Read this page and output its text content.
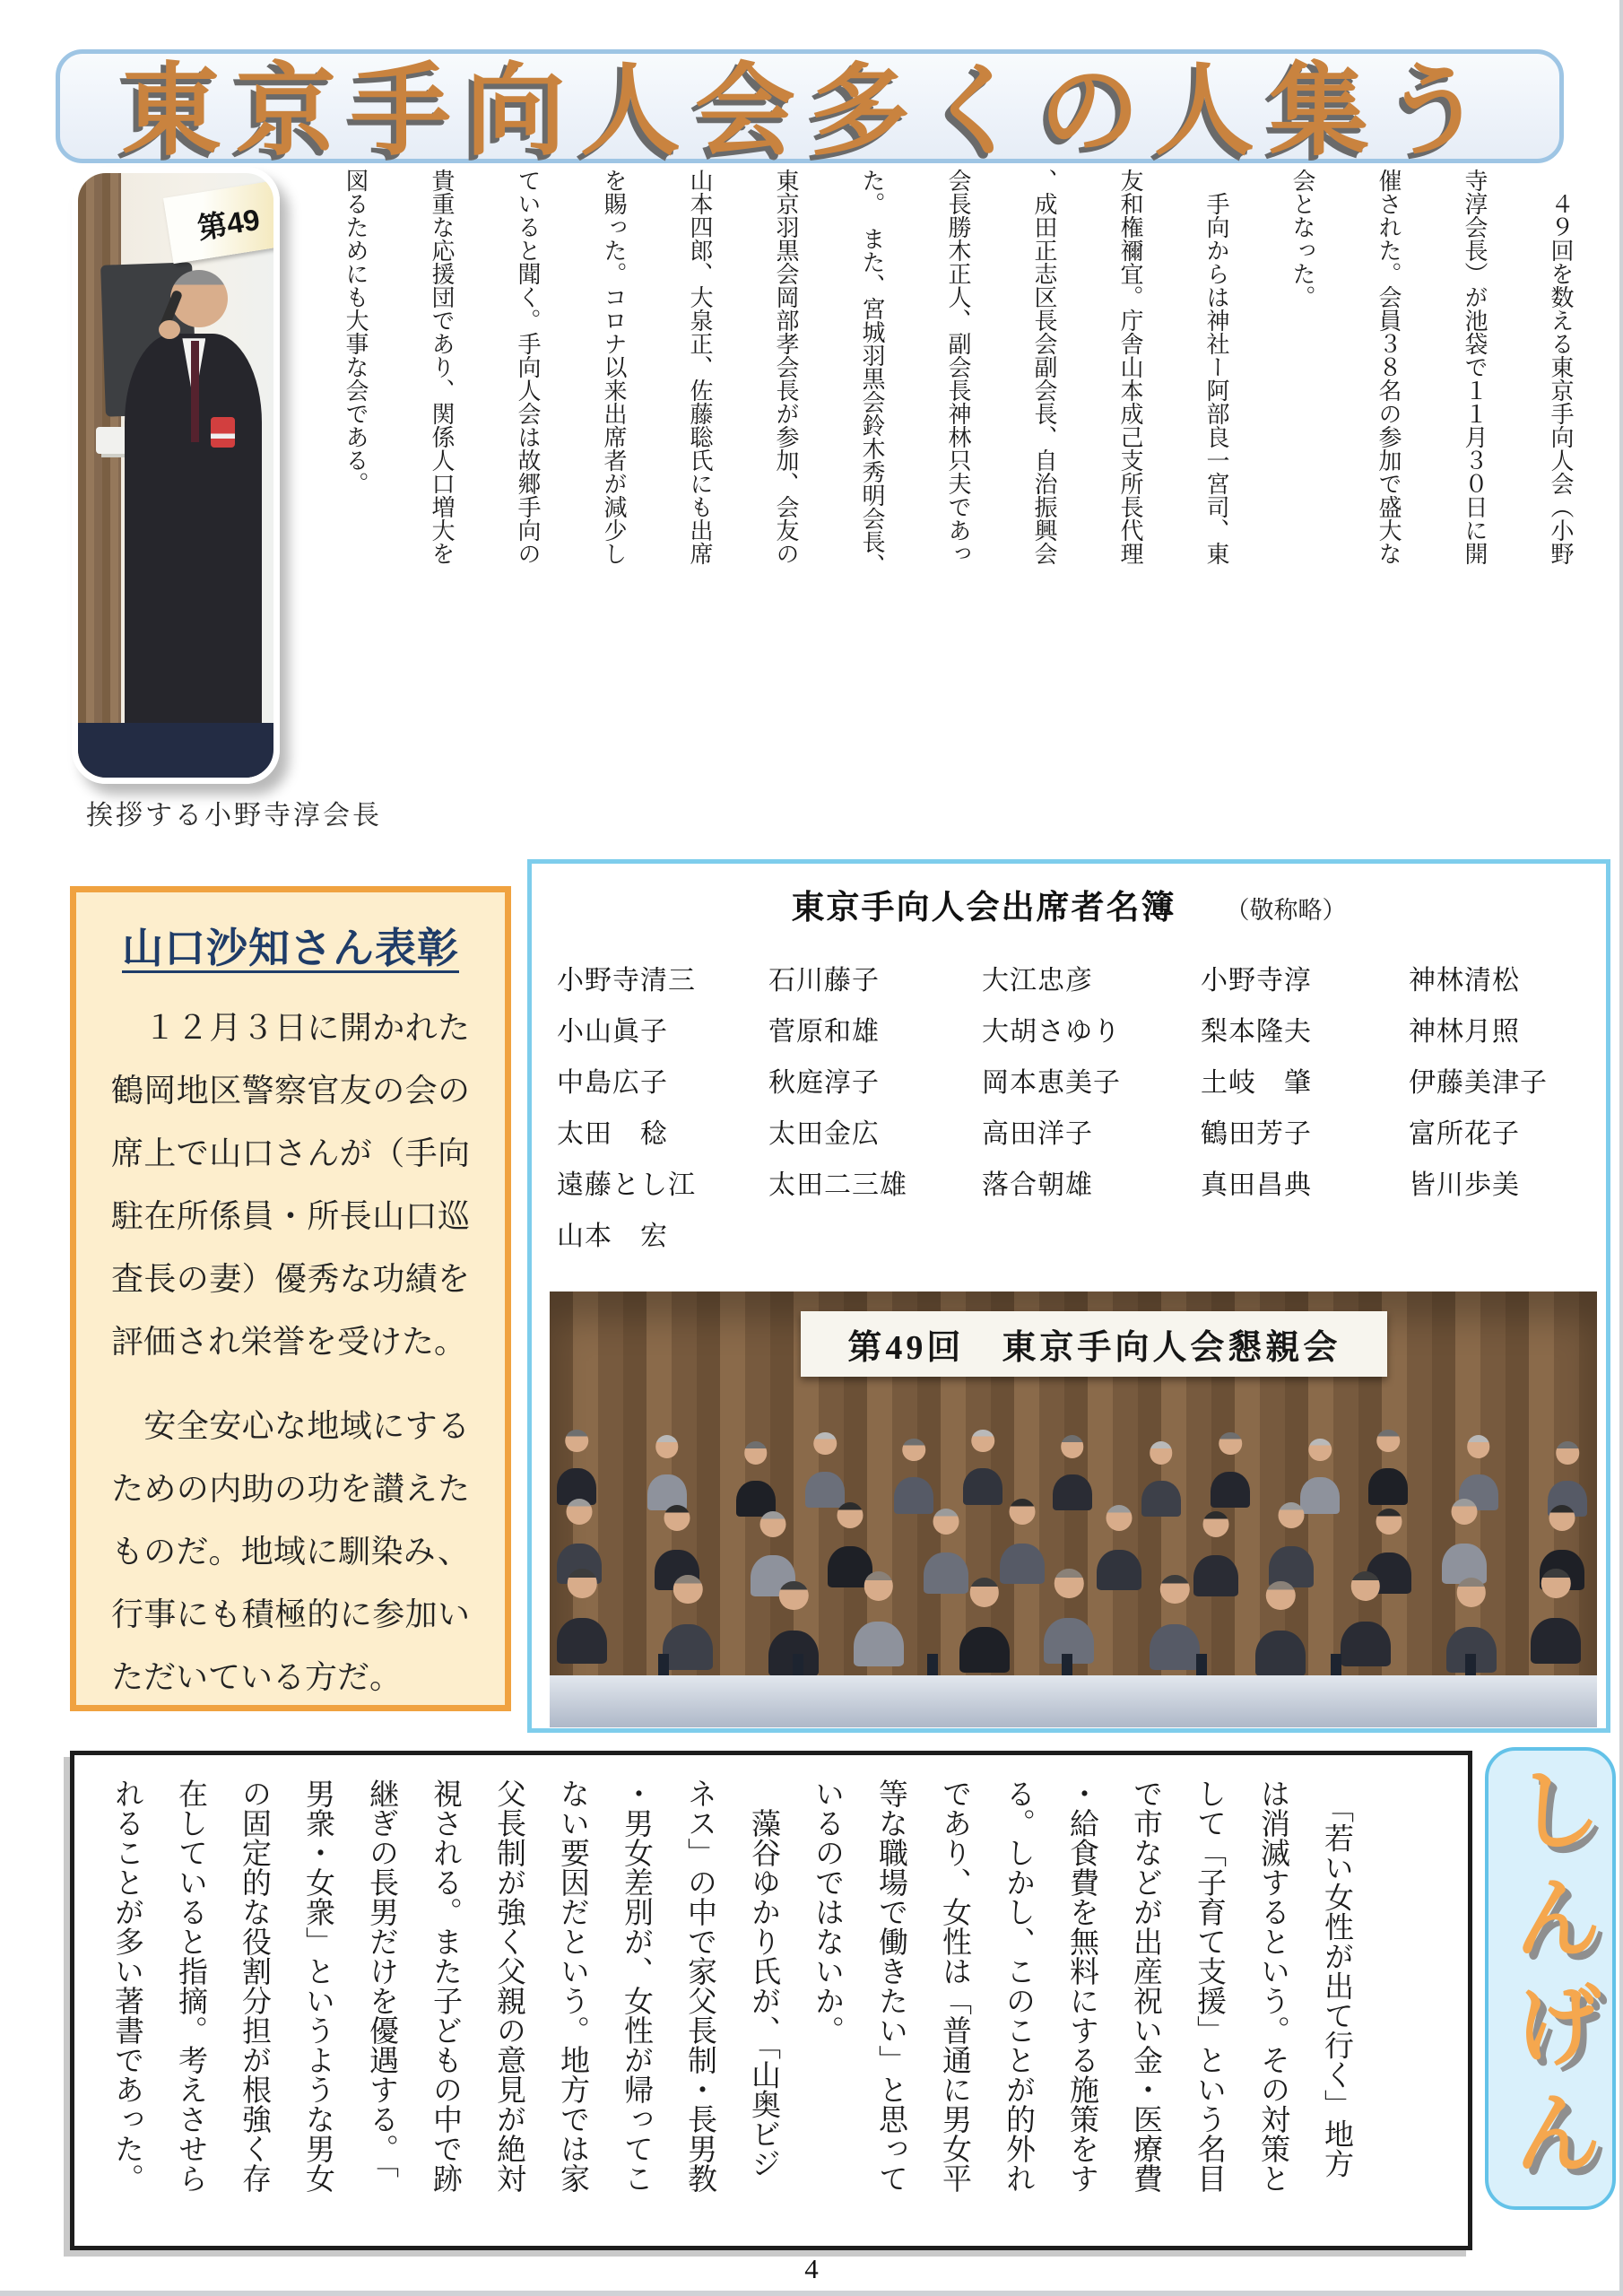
東京手向人会多くの人集う
第49
挨拶する小野寺淳会長

　４９回を数える東京手向人会（小野

寺淳会長）が池袋で１１月３０日に開

催された。会員３８名の参加で盛大な

会となった。

　手向からは神社ー阿部良一宮司、東

友和権禰宜。庁舎山本成己支所長代理

、成田正志区長会副会長、自治振興会

会長勝木正人、副会長神林只夫であっ

た。　また、宮城羽黒会鈴木秀明会長、

東京羽黒会岡部孝会長が参加、会友の

山本四郎、大泉正、佐藤聡氏にも出席

を賜った。コロナ以来出席者が減少し

ていると聞く。手向人会は故郷手向の

貴重な応援団であり、関係人口増大を

図るためにも大事な会である。

山口沙知さん表彰

　１２月３日に開かれた鶴岡地区警察官友の会の席上で山口さんが（手向駐在所係員・所長山口巡査長の妻）優秀な功績を評価され栄誉を受けた。

　安全安心な地域にするための内助の功を讃えたものだ。地域に馴染み、行事にも積極的に参加いただいている方だ。

東京手向人会出席者名簿 （敬称略）
小野寺清三	石川藤子	大江忠彦	小野寺淳	神林清松
小山眞子	菅原和雄	大胡さゆり	梨本隆夫	神林月照
中島広子	秋庭淳子	岡本恵美子	土岐　肇	伊藤美津子
太田　稔	太田金広	高田洋子	鶴田芳子	富所花子
遠藤とし江	太田二三雄	落合朝雄	真田昌典	皆川歩美
山本　宏
第49回　東京手向人会懇親会

　「若い女性が出て行く」地方

は消滅するという。その対策と

して「子育て支援」という名目

で市などが出産祝い金・医療費

・給食費を無料にする施策をす

る。しかし、このことが的外れ

であり、女性は「普通に男女平

等な職場で働きたい」と思って

いるのではないか。

　藻谷ゆかり氏が、「山奥ビジ

ネス」の中で家父長制・長男教

・男女差別が、女性が帰ってこ

ない要因だという。地方では家

父長制が強く父親の意見が絶対

視される。また子どもの中で跡

継ぎの長男だけを優遇する。「

男衆・女衆」というような男女

の固定的な役割分担が根強く存

在していると指摘。考えさせら

れることが多い著書であった。	しんげん
4
